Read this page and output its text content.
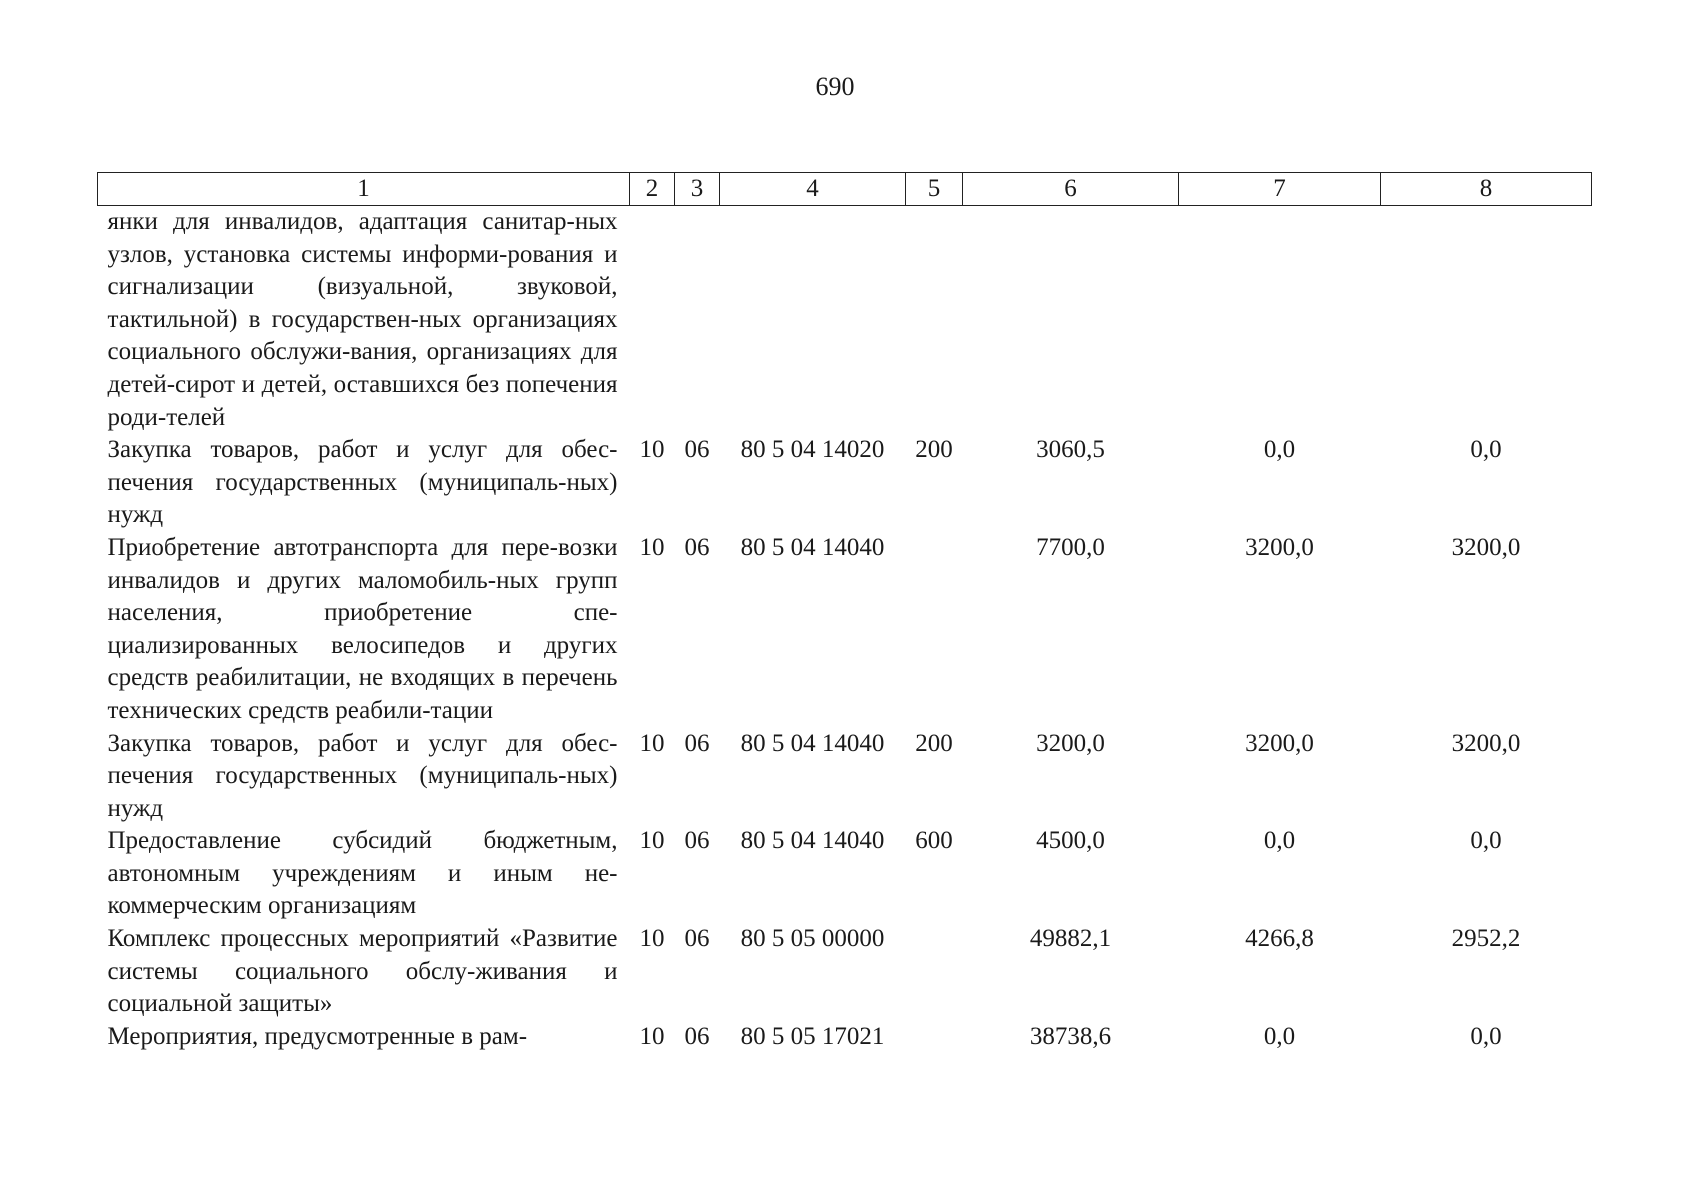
690
1	2	3	4	5	6	7	8
янки для инвалидов, адаптация санитар-ных узлов, установка системы информи-рования и сигнализации (визуальной, звуковой, тактильной) в государствен-ных организациях социального обслужи-вания, организациях для детей-сирот и детей, оставшихся без попечения роди-телей							
Закупка товаров, работ и услуг для обес-печения государственных (муниципаль-ных) нужд	10	06	80 5 04 14020	200	3060,5	0,0	0,0
Приобретение автотранспорта для пере-возки инвалидов и других маломобиль-ных групп населения, приобретение спе-циализированных велосипедов и других средств реабилитации, не входящих в перечень технических средств реабили-тации	10	06	80 5 04 14040		7700,0	3200,0	3200,0
Закупка товаров, работ и услуг для обес-печения государственных (муниципаль-ных) нужд	10	06	80 5 04 14040	200	3200,0	3200,0	3200,0
Предоставление субсидий бюджетным, автономным учреждениям и иным не-коммерческим организациям	10	06	80 5 04 14040	600	4500,0	0,0	0,0
Комплекс процессных мероприятий «Развитие системы социального обслу-живания и социальной защиты»	10	06	80 5 05 00000		49882,1	4266,8	2952,2
Мероприятия, предусмотренные в рам-	10	06	80 5 05 17021		38738,6	0,0	0,0
